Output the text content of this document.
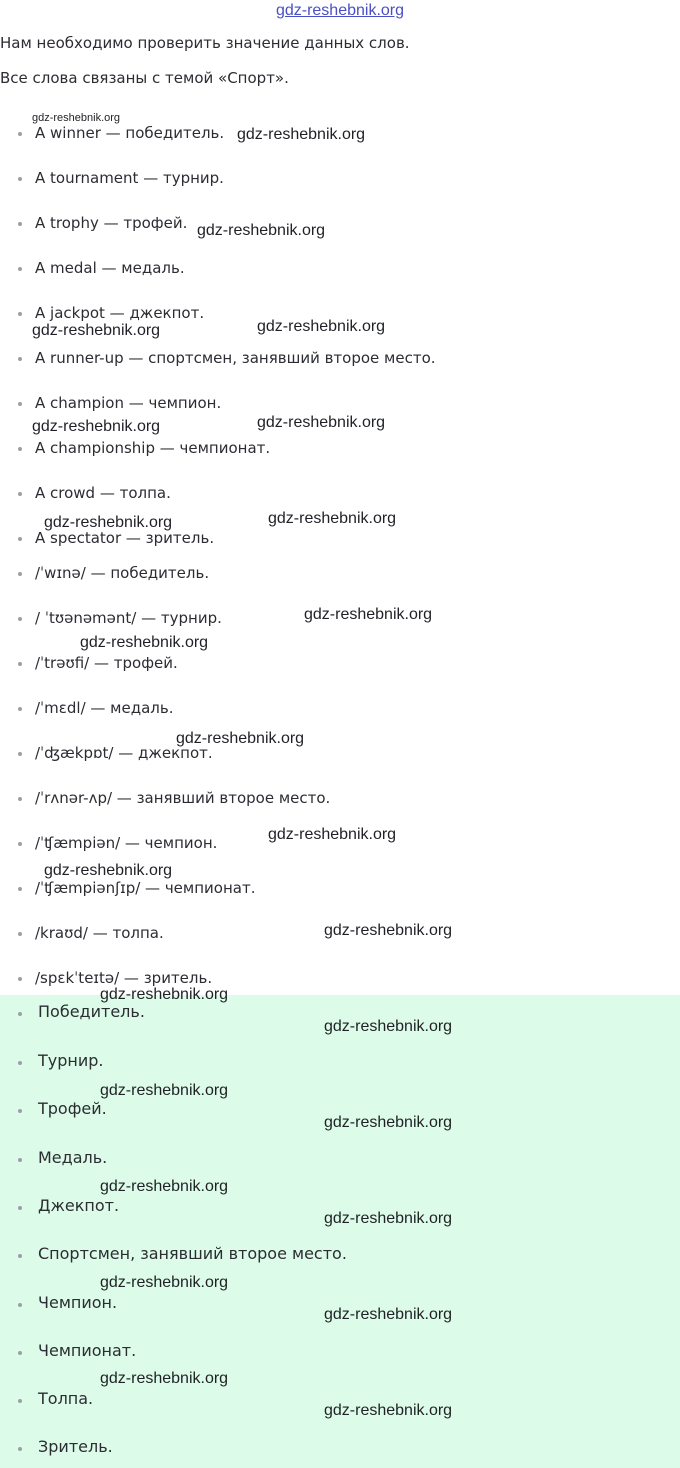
gdz-reshebnik.org
Нам необходимо проверить значение данных слов.
Все слова связаны с темой «Спорт».
A winner — победитель.
A tournament — турнир.
A trophy — трофей.
A medal — медаль.
A jackpot — джекпот.
A runner-up — спортсмен, занявший второе место.
A champion — чемпион.
A championship — чемпионат.
A crowd — толпа.
A spectator — зритель.
/ˈwɪnə/ — победитель.
/ ˈtʊənəmənt/ — турнир.
/ˈtrəʊfi/ — трофей.
/ˈmɛdl/ — медаль.
/ˈʤækpɒt/ — джекпот.
/ˈrʌnər-ʌp/ — занявший второе место.
/ˈʧæmpiən/ — чемпион.
/ˈʧæmpiənʃɪp/ — чемпионат.
/kraʊd/ — толпа.
/spɛkˈteɪtə/ — зритель.
Победитель.
Турнир.
Трофей.
Медаль.
Джекпот.
Спортсмен, занявший второе место.
Чемпион.
Чемпионат.
Толпа.
Зритель.
gdz-reshebnik.org
gdz-reshebnik.org
gdz-reshebnik.org
gdz-reshebnik.org	gdz-reshebnik.org
gdz-reshebnik.org	gdz-reshebnik.org
gdz-reshebnik.org	gdz-reshebnik.org
gdz-reshebnik.org
gdz-reshebnik.org
gdz-reshebnik.org
gdz-reshebnik.org
gdz-reshebnik.org
gdz-reshebnik.org
gdz-reshebnik.org
gdz-reshebnik.org
gdz-reshebnik.org
gdz-reshebnik.org
gdz-reshebnik.org
gdz-reshebnik.org
gdz-reshebnik.org
gdz-reshebnik.org
gdz-reshebnik.org
gdz-reshebnik.org
